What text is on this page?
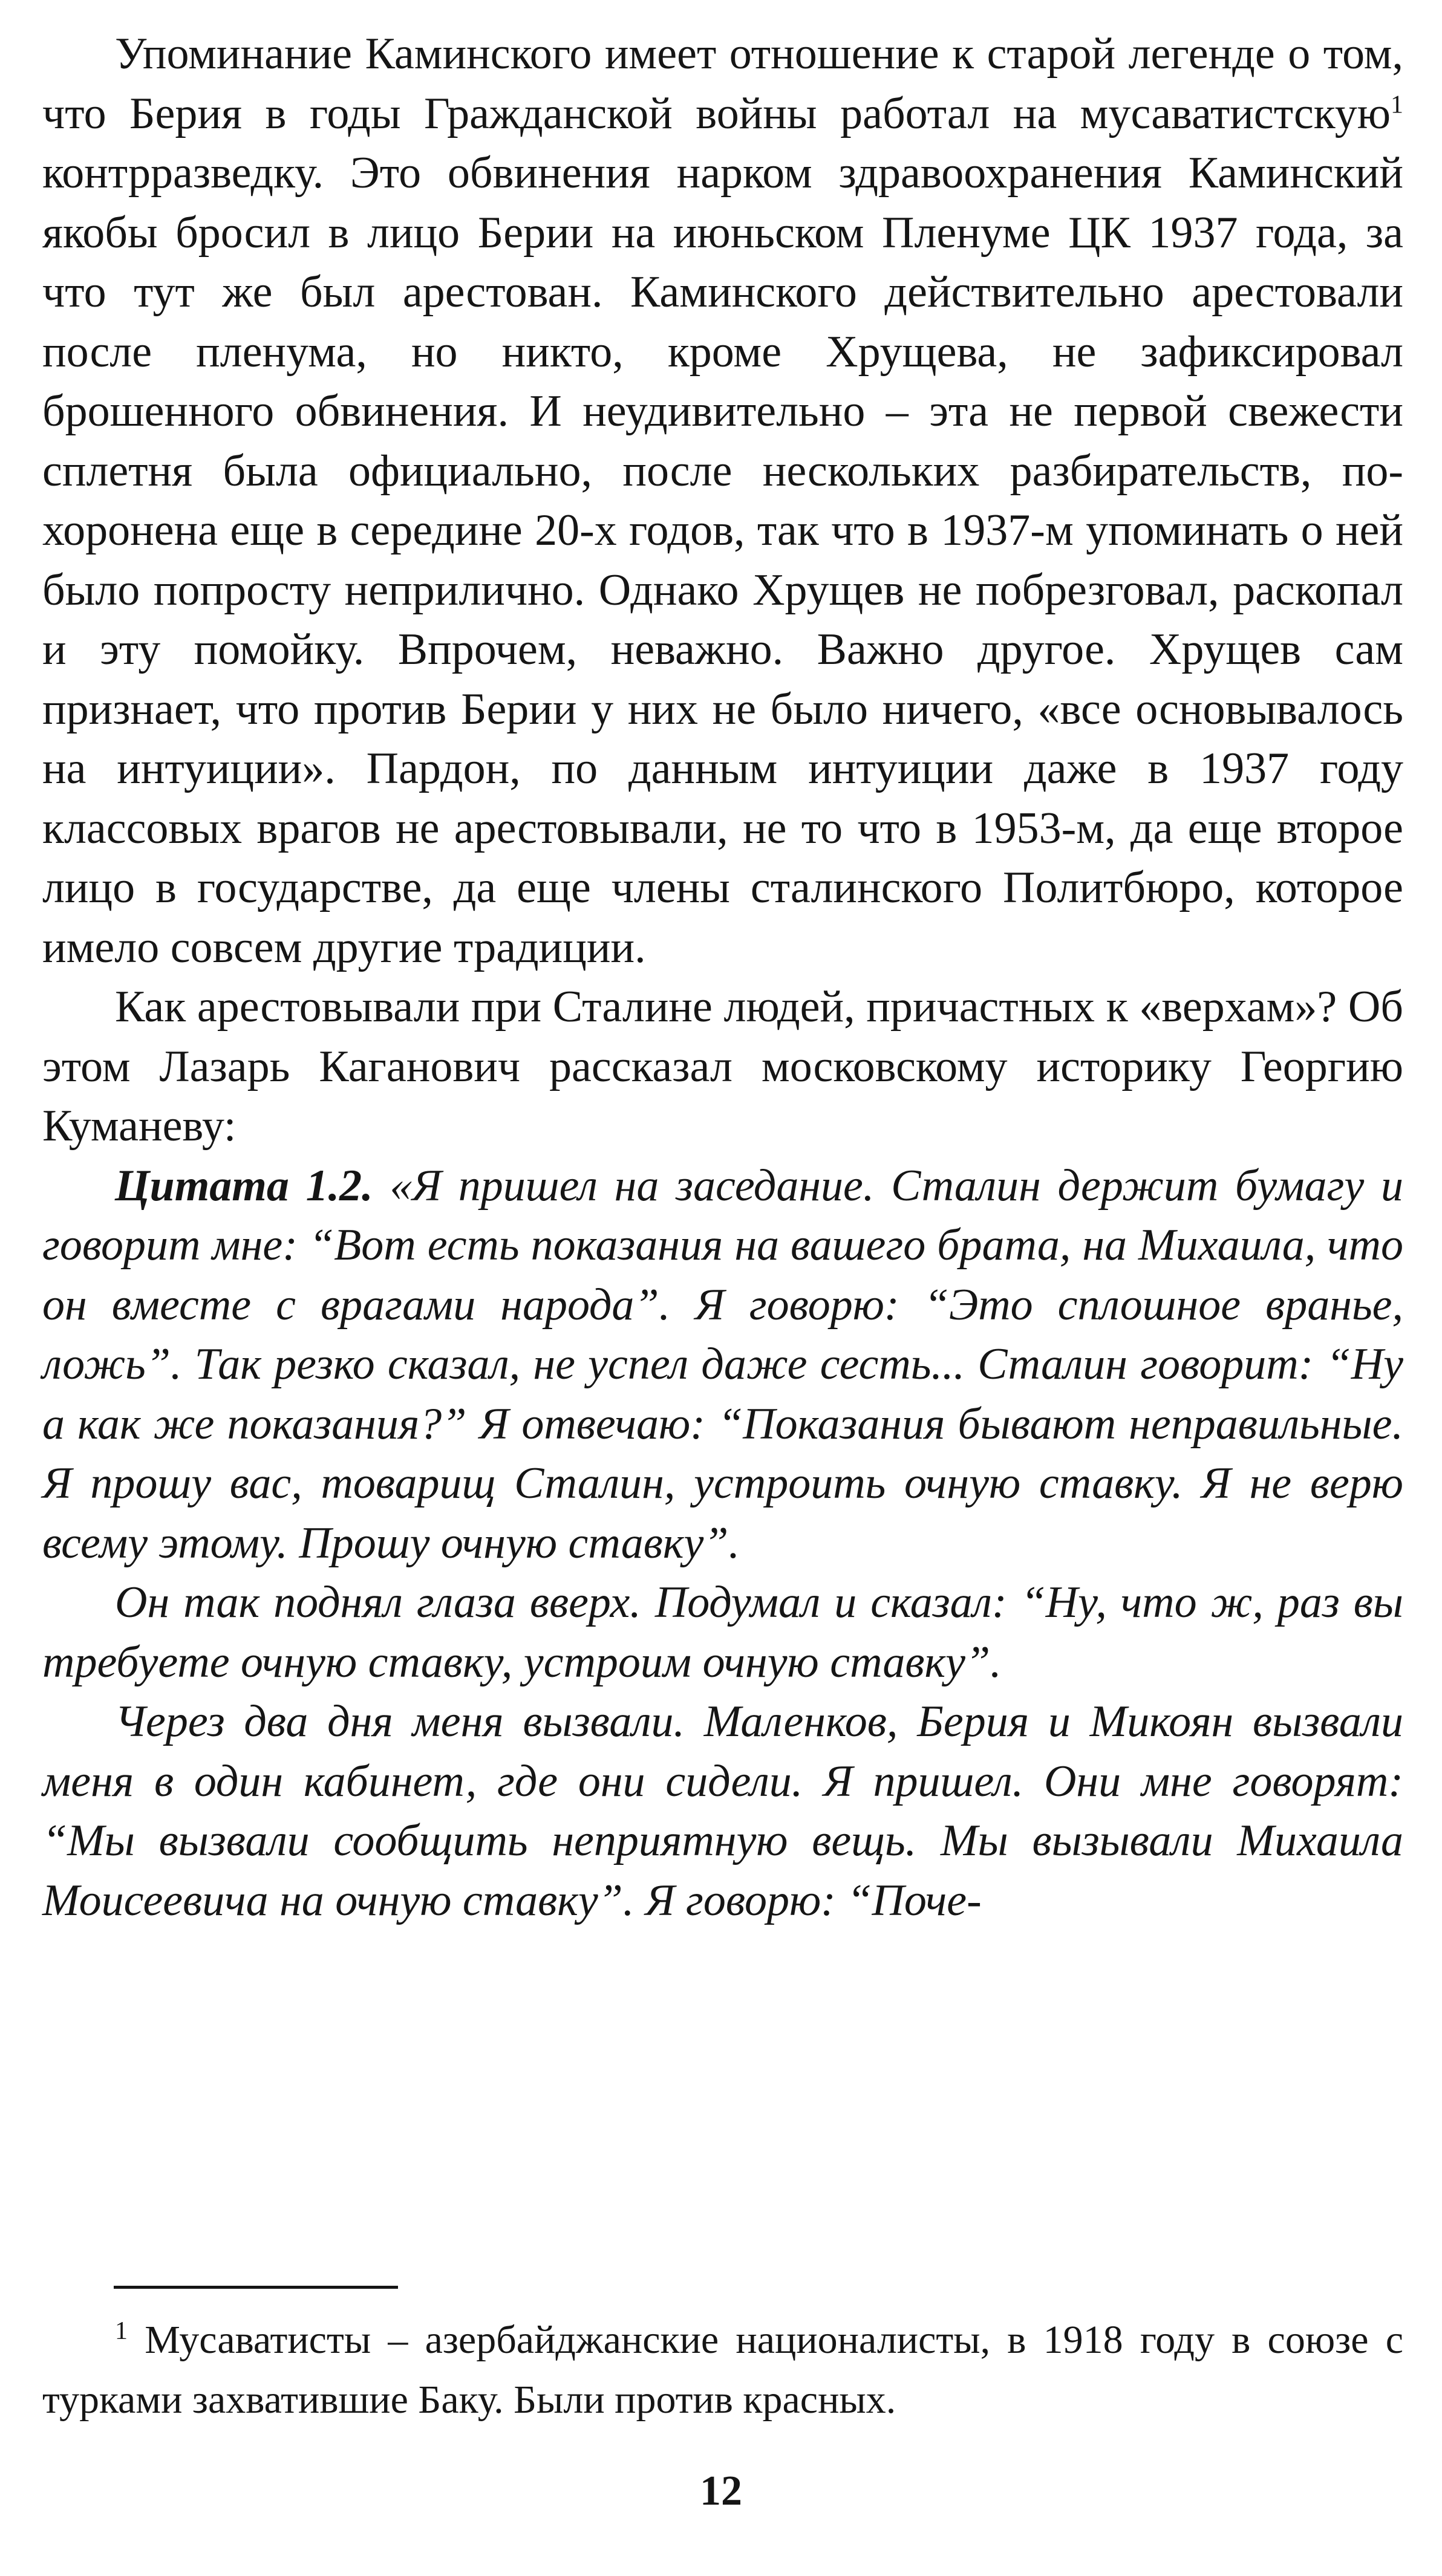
Упоминание Каминского имеет отношение к старой легенде о том, что Берия в годы Гражданской войны работал на мусаватистскую$^1$ контрразведку. Это обвинения нарком здравоохранения Каминский якобы бросил в лицо Берии на июньском Пленуме ЦК 1937 года, за что тут же был арестован. Каминского действительно арестовали после пленума, но никто, кроме Хрущева, не зафиксировал брошенного обвинения. И неудивительно – эта не первой свежести сплетня была официально, после нескольких разбирательств, похоронена еще в середине 20-х годов, так что в 1937-м упоминать о ней было попросту неприлично. Однако Хрущев не побрезговал, раскопал и эту помойку. Впрочем, неважно. Важно другое. Хрущев сам признает, что против Берии у них не было ничего, «все основывалось на интуиции». Пардон, по данным интуиции даже в 1937 году классовых врагов не арестовывали, не то что в 1953-м, да еще второе лицо в государстве, да еще члены сталинского Политбюро, которое имело совсем другие традиции.

Как арестовывали при Сталине людей, причастных к «верхам»? Об этом Лазарь Каганович рассказал московскому историку Георгию Куманеву:

Цитата 1.2. «Я пришел на заседание. Сталин держит бумагу и говорит мне: “Вот есть показания на вашего брата, на Михаила, что он вместе с врагами народа”. Я говорю: “Это сплошное вранье, ложь”. Так резко сказал, не успел даже сесть... Сталин говорит: “Ну а как же показания?” Я отвечаю: “Показания бывают неправильные. Я прошу вас, товарищ Сталин, устроить очную ставку. Я не верю всему этому. Прошу очную ставку”.

Он так поднял глаза вверх. Подумал и сказал: “Ну, что ж, раз вы требуете очную ставку, устроим очную ставку”.

Через два дня меня вызвали. Маленков, Берия и Микоян вызвали меня в один кабинет, где они сидели. Я пришел. Они мне говорят: “Мы вызвали сообщить неприятную вещь. Мы вызывали Михаила Моисеевича на очную ставку”. Я говорю: “Поче-

$^1$ Мусаватисты – азербайджанские националисты, в 1918 году в союзе с турками захватившие Баку. Были против красных.

12
